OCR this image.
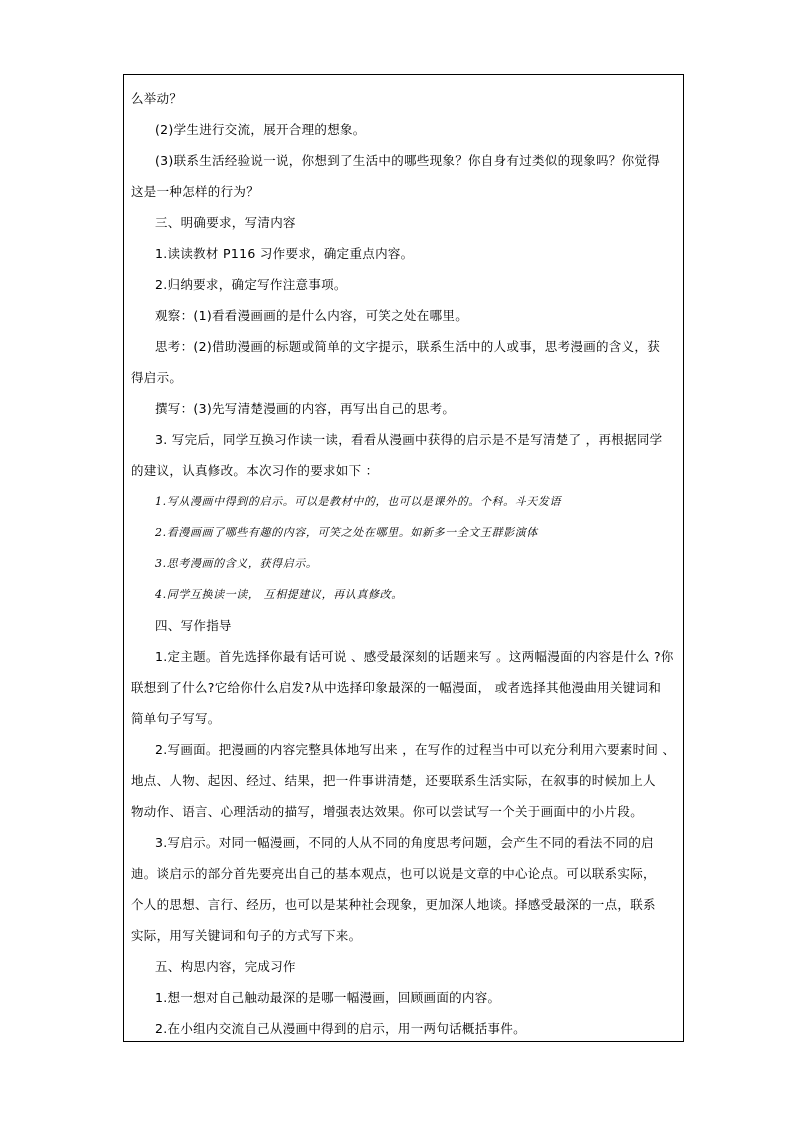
么举动？
(2)学生进行交流，展开合理的想象。
(3)联系生活经验说一说，你想到了生活中的哪些现象？你自身有过类似的现象吗？你觉得
这是一种怎样的行为？
三、明确要求，写清内容
1.读读教材 P116 习作要求，确定重点内容。
2.归纳要求，确定写作注意事项。
观察：(1)看看漫画画的是什么内容，可笑之处在哪里。
思考：(2)借助漫画的标题或简单的文字提示，联系生活中的人或事，思考漫画的含义，获
得启示。
撰写：(3)先写清楚漫画的内容，再写出自己的思考。
3. 写完后，同学互换习作读一读，看看从漫画中获得的启示是不是写清楚了 ，再根据同学
的建议，认真修改。本次习作的要求如下 ：
1.写从漫画中得到的启示。可以是教材中的，也可以是课外的。个科。斗天发语
2.看漫画画了哪些有趣的内容，可笑之处在哪里。如新多一全文王群影演体
3.思考漫画的含义，获得启示。
4.同学互换读一读， 互相提建议，再认真修改。
四、写作指导
1.定主题。首先选择你最有话可说 、感受最深刻的话题来写 。这两幅漫面的内容是什么 ?你
联想到了什么?它给你什么启发?从中选择印象最深的一幅漫面， 或者选择其他漫曲用关键词和
简单句子写写。
2.写画面。把漫画的内容完整具体地写出来 ，在写作的过程当中可以充分利用六要素时间 、
地点、人物、起因、经过、结果，把一件事讲清楚，还要联系生活实际，在叙事的时候加上人
物动作、语言、心理活动的描写，增强表达效果。你可以尝试写一个关于画面中的小片段。
3.写启示。对同一幅漫画，不同的人从不同的角度思考问题，会产生不同的看法不同的启
迪。谈启示的部分首先要亮出自己的基本观点，也可以说是文章的中心论点。可以联系实际，
个人的思想、言行、经历，也可以是某种社会现象，更加深人地谈。择感受最深的一点，联系
实际，用写关键词和句子的方式写下来。
五、构思内容，完成习作
1.想一想对自己触动最深的是哪一幅漫画，回顾画面的内容。
2.在小组内交流自己从漫画中得到的启示，用一两句话概括事件。
